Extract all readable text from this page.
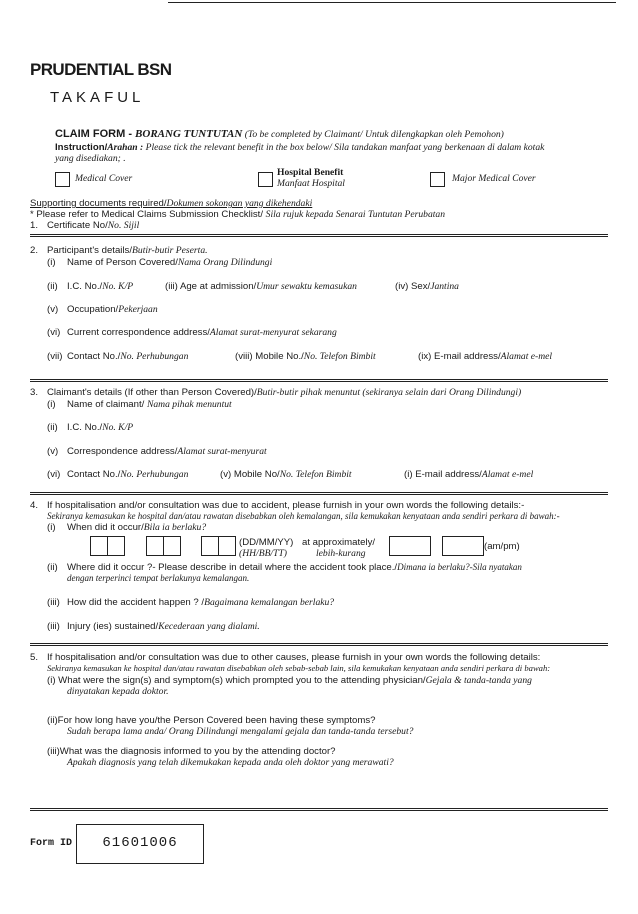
PRUDENTIAL BSN
TAKAFUL
CLAIM FORM - BORANG TUNTUTAN (To be completed by Claimant/ Untuk diIengkapkan oleh Pemohon)
Instruction/Arahan : Please tick the relevant benefit in the box below/ Sila tandakan manfaat yang berkenaan di dalam kotak
yang disediakan; .
Medical Cover
Hospital Benefit
Manfaat Hospital	Major Medical Cover
Supporting documents required/Dokumen sokongan yang dikehendaki
* Please refer to Medical Claims Submission Checklist/ Sila rujuk kepada Senarai Tuntutan Perubatan
1. Certificate No/No. Sijil
2. Participant's details/Butir-butir Peserta.
(i) Name of Person Covered/Nama Orang Dilindungi
(ii) I.C. No./No. K/P	(iii) Age at admission/Umur sewaktu kemasukan	(iv) Sex/Jantina
(v) Occupation/Pekerjaan
(vi) Current correspondence address/Alamat surat-menyurat sekarang
(vii) Contact No./No. Perhubungan	(viii) Mobile No./No. Telefon Bimbit	(ix) E-mail address/Alamat e-mel
3. Claimant's details (If other than Person Covered)/Butir-butir pihak menuntut (sekiranya selain dari Orang Dilindungi)
(i) Name of claimant/ Nama pihak menuntut
(ii) I.C. No./No. K/P
(v) Correspondence address/Alamat surat-menyurat
(vi) Contact No./No. Perhubungan	(v) Mobile No/No. Telefon Bimbit	(i) E-mail address/Alamat e-mel
4. If hospitalisation and/or consultation was due to accident, please furnish in your own words the following details:-
Sekiranya kemasukan ke hospital dan/atau rawatan disebabkan oleh kemalangan, sila kemukakan kenyataan anda sendiri perkara di bawah:-
(i) When did it occur/Bila ia berlaku?
(DD/MM/YY)
(HH/BB/TT)
at approximately/
lebih-kurang
(am/pm)
(ii) Where did it occur ?- Please describe in detail where the accident took place./Dimana ia berlaku?-Sila nyatakan
dengan terperinci tempat berlakunya kemalangan.
(iii) How did the accident happen ? /Bagaimana kemalangan berlaku?
(iii) Injury (ies) sustained/Kecederaan yang dialami.
5. If hospitalisation and/or consultation was due to other causes, please furnish in your own words the following details:
Sekiranya kemasukan ke hospital dan/atau rawatan disebabkan oleh sebab-sebab lain, sila kemukakan kenyataan anda sendiri perkara di bawah:
(i) What were the sign(s) and symptom(s) which prompted you to the attending physician/Gejala & tanda-tanda yang
dinyatakan kepada doktor.
(ii)For how long have you/the Person Covered been having these symptoms?
Sudah berapa lama anda/ Orang Dilindungi mengalami gejala dan tanda-tanda tersebut?
(iii)What was the diagnosis informed to you by the attending doctor?
Apakah diagnosis yang telah dikemukakan kepada anda oleh doktor yang merawati?
Form ID	61601006
